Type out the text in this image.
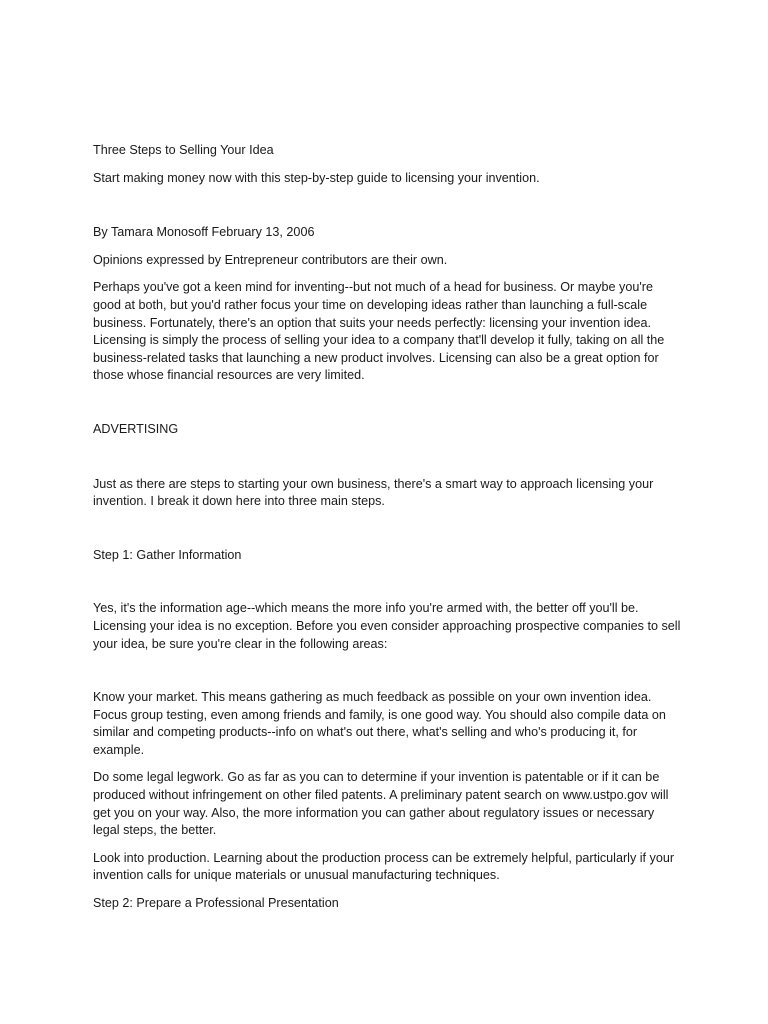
Three Steps to Selling Your Idea

Start making money now with this step-by-step guide to licensing your invention.

By Tamara Monosoff February 13, 2006

Opinions expressed by Entrepreneur contributors are their own.

Perhaps you've got a keen mind for inventing--but not much of a head for business. Or maybe you're good at both, but you'd rather focus your time on developing ideas rather than launching a full-scale business. Fortunately, there's an option that suits your needs perfectly: licensing your invention idea. Licensing is simply the process of selling your idea to a company that'll develop it fully, taking on all the business-related tasks that launching a new product involves. Licensing can also be a great option for those whose financial resources are very limited.

ADVERTISING

Just as there are steps to starting your own business, there's a smart way to approach licensing your invention. I break it down here into three main steps.

Step 1: Gather Information

Yes, it's the information age--which means the more info you're armed with, the better off you'll be. Licensing your idea is no exception. Before you even consider approaching prospective companies to sell your idea, be sure you're clear in the following areas:

Know your market. This means gathering as much feedback as possible on your own invention idea. Focus group testing, even among friends and family, is one good way. You should also compile data on similar and competing products--info on what's out there, what's selling and who's producing it, for example.

Do some legal legwork. Go as far as you can to determine if your invention is patentable or if it can be produced without infringement on other filed patents. A preliminary patent search on www.ustpo.gov will get you on your way. Also, the more information you can gather about regulatory issues or necessary legal steps, the better.

Look into production. Learning about the production process can be extremely helpful, particularly if your invention calls for unique materials or unusual manufacturing techniques.

Step 2: Prepare a Professional Presentation
